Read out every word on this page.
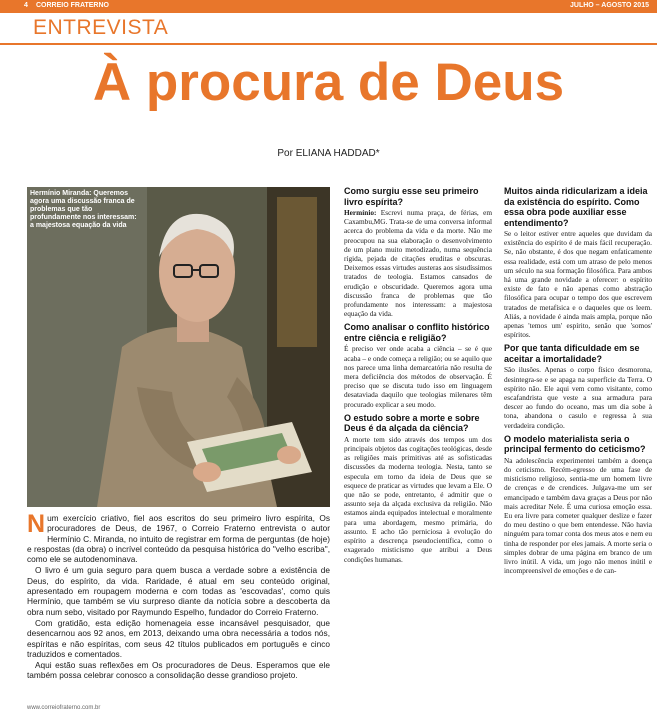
4 CORREIO FRATERNO	JULHO – AGOSTO 2015
ENTREVISTA
À procura de Deus
Por ELIANA HADDAD*
Hermínio Miranda: Queremos agora uma discussão franca de problemas que tão profundamente nos interessam: a majestosa equação da vida

Num exercício criativo, fiel aos escritos do seu primeiro livro espírita, Os procuradores de Deus, de 1967, o Correio Fraterno entrevista o autor Hermínio C. Miranda, no intuito de registrar em forma de perguntas (de hoje) e respostas (da obra) o incrível conteúdo da pesquisa histórica do "velho escriba", como ele se autodenominava.

O livro é um guia seguro para quem busca a verdade sobre a existência de Deus, do espírito, da vida. Raridade, é atual em seu conteúdo original, apresentado em roupagem moderna e com todas as 'escovadas', como quis Hermínio, que também se viu surpreso diante da notícia sobre a descoberta da obra num sebo, visitado por Raymundo Espelho, fundador do Correio Fraterno.

Com gratidão, esta edição homenageia esse incansável pesquisador, que desencarnou aos 92 anos, em 2013, deixando uma obra necessária a todos nós, espíritas e não espíritas, com seus 42 títulos publicados em português e cinco traduzidos e comentados.

Aqui estão suas reflexões em Os procuradores de Deus. Esperamos que ele também possa celebrar conosco a consolidação desse grandioso projeto.

Como surgiu esse seu primeiro livro espírita?

Hermínio: Escrevi numa praça, de férias, em Caxambu,MG. Trata-se de uma conversa informal acerca do problema da vida e da morte. Não me preocupou na sua elaboração o desenvolvimento de um plano muito metodizado, numa sequência rígida, pejada de citações eruditas e obscuras. Deixemos essas virtudes austeras aos sisudíssimos tratados de teologia. Estamos cansados de erudição e obscuridade. Queremos agora uma discussão franca de problemas que tão profundamente nos interessam: a majestosa equação da vida.

Como analisar o conflito histórico entre ciência e religião?

É preciso ver onde acaba a ciência – se é que acaba – e onde começa a religião; ou se aquilo que nos parece uma linha demarcatória não resulta de mera deficiência dos métodos de observação. É preciso que se discuta tudo isso em linguagem desataviada daquilo que teologias milenares têm procurado explicar a seu modo.

O estudo sobre a morte e sobre Deus é da alçada da ciência?

A morte tem sido através dos tempos um dos principais objetos das cogitações teológicas, desde as religiões mais primitivas até as sofisticadas discussões da moderna teologia. Nesta, tanto se especula em torno da ideia de Deus que se esquece de praticar as virtudes que levam a Ele. O que não se pode, entretanto, é admitir que o assunto seja da alçada exclusiva da religião. Não estamos ainda equipados intelectual e moralmente para uma abordagem, mesmo primária, do assunto. E acho tão perniciosa à evolução do espírito a descrença pseudocientífica, como o exagerado misticismo que atribui a Deus condições humanas.

Muitos ainda ridicularizam a ideia da existência do espírito. Como essa obra pode auxiliar esse entendimento?

Se o leitor estiver entre aqueles que duvidam da existência do espírito é de mais fácil recuperação. Se, não obstante, é dos que negam enfaticamente essa realidade, está com um atraso de pelo menos um século na sua formação filosófica. Para ambos há uma grande novidade a oferecer: o espírito existe de fato e não apenas como abstração filosófica para ocupar o tempo dos que escrevem tratados de metafísica e o daqueles que os leem. Aliás, a novidade é ainda mais ampla, porque não apenas 'temos um' espírito, senão que 'somos' espíritos.

Por que tanta dificuldade em se aceitar a imortalidade?

São ilusões. Apenas o corpo físico desmorona, desintegra-se e se apaga na superfície da Terra. O espírito não. Ele aqui vem como visitante, como escafandrista que veste a sua armadura para descer ao fundo do oceano, mas um dia sobe à tona, abandona o casulo e regressa à sua verdadeira condição.

O modelo materialista seria o principal fermento do ceticismo?

Na adolescência experimentei também a doença do ceticismo. Recém-egresso de uma fase de misticismo religioso, sentia-me um homem livre de crenças e de crendices. Julgava-me um ser emancipado e também dava graças a Deus por não mais acreditar Nele. É uma curiosa emoção essa. Eu era livre para cometer qualquer deslize e fazer do meu destino o que bem entendesse. Não havia ninguém para tomar conta dos meus atos e nem eu tinha de responder por eles jamais. A morte seria o simples dobrar de uma página em branco de um livro inútil. A vida, um jogo não menos inútil e incompreensível de emoções e de can-

www.correiofraterno.com.br
